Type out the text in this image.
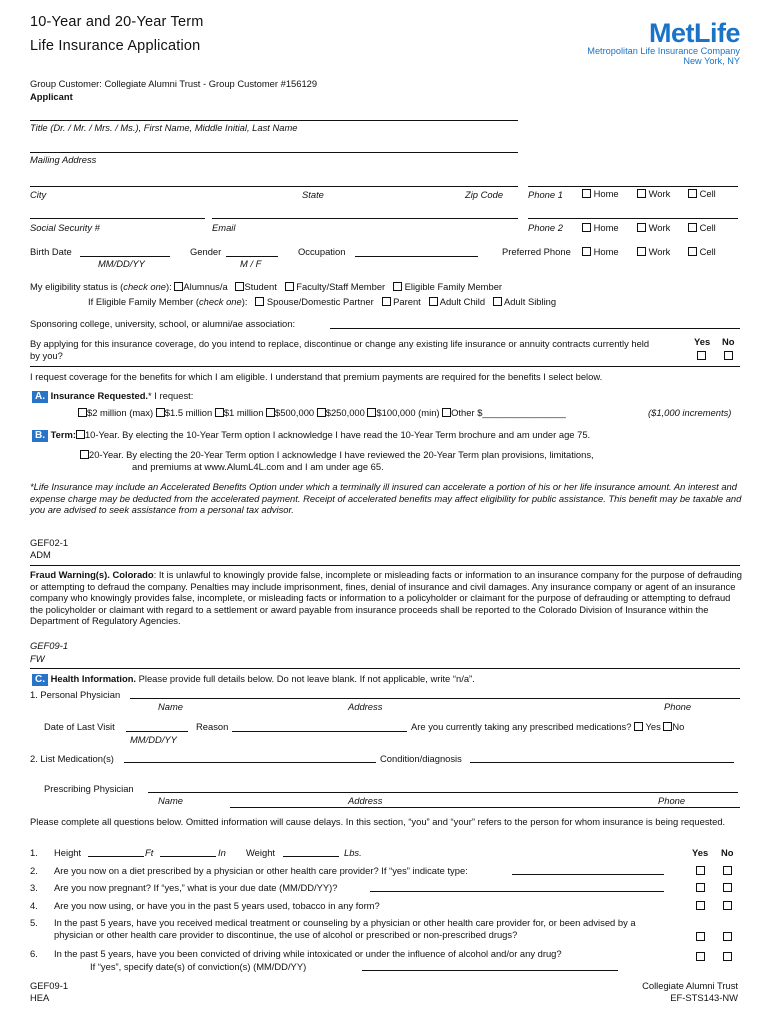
10-Year and 20-Year Term
Life Insurance Application	MetLife
Metropolitan Life Insurance Company
New York, NY
Group Customer: Collegiate Alumni Trust - Group Customer #156129
Applicant
Title (Dr. / Mr. / Mrs. / Ms.), First Name, Middle Initial, Last Name
Mailing Address
City	State	Zip Code	Phone 1	Home	Work	Cell
Social Security #	Email	Phone 2	Home	Work	Cell
Birth Date
MM/DD/YY
Gender
M / F
Occupation	Preferred Phone	Home	Work	Cell
My eligibility status is (check one): Alumnus/a Student Faculty/Staff Member Eligible Family Member
If Eligible Family Member (check one): Spouse/Domestic Partner Parent Adult Child Adult Sibling
Sponsoring college, university, school, or alumni/ae association:
By applying for this insurance coverage, do you intend to replace, discontinue or change any existing life insurance or annuity contracts currently held by you?
Yes No
I request coverage for the benefits for which I am eligible. I understand that premium payments are required for the benefits I select below.
A. Insurance Requested.* I request:
$2 million (max) $1.5 million $1 million $500,000 $250,000 $100,000 (min) Other $________________	($1,000 increments)
B. Term: 10-Year. By electing the 10-Year Term option I acknowledge I have read the 10-Year Term brochure and am under age 75.
20-Year. By electing the 20-Year Term option I acknowledge I have reviewed the 20-Year Term plan provisions, limitations,
and premiums at www.AlumL4L.com and I am under age 65.
*Life Insurance may include an Accelerated Benefits Option under which a terminally ill insured can accelerate a portion of his or her life insurance amount. An interest and expense charge may be deducted from the accelerated payment. Receipt of accelerated benefits may affect eligibility for public assistance. This benefit may be taxable and you are advised to seek assistance from a personal tax advisor.
GEF02-1
ADM
Fraud Warning(s). Colorado: It is unlawful to knowingly provide false, incomplete or misleading facts or information to an insurance company for the purpose of defrauding or attempting to defraud the company. Penalties may include imprisonment, fines, denial of insurance and civil damages. Any insurance company or agent of an insurance company who knowingly provides false, incomplete, or misleading facts or information to a policyholder or claimant for the purpose of defrauding or attempting to defraud the policyholder or claimant with regard to a settlement or award payable from insurance proceeds shall be reported to the Colorado Division of Insurance within the Department of Regulatory Agencies.
GEF09-1
FW
C. Health Information. Please provide full details below. Do not leave blank. If not applicable, write “n/a”.
1. Personal Physician
Name	Address	Phone
Date of Last Visit
MM/DD/YY
Reason	Are you currently taking any prescribed medications? Yes No
2. List Medication(s)	Condition/diagnosis
Prescribing Physician
Name	Address	Phone
Please complete all questions below. Omitted information will cause delays. In this section, “you” and “your” refers to the person for whom insurance is being requested.
Yes No
1. Height	Ft	In Weight	Lbs.
2. Are you now on a diet prescribed by a physician or other health care provider? If “yes” indicate type:
3. Are you now pregnant? If “yes,” what is your due date (MM/DD/YY)?
4. Are you now using, or have you in the past 5 years used, tobacco in any form?
5. In the past 5 years, have you received medical treatment or counseling by a physician or other health care provider for, or been advised by a physician or other health care provider to discontinue, the use of alcohol or prescribed or non-prescribed drugs?
6. In the past 5 years, have you been convicted of driving while intoxicated or under the influence of alcohol and/or any drug?
If “yes”, specify date(s) of conviction(s) (MM/DD/YY)
GEF09-1
HEA
Collegiate Alumni Trust
EF-STS143-NW
